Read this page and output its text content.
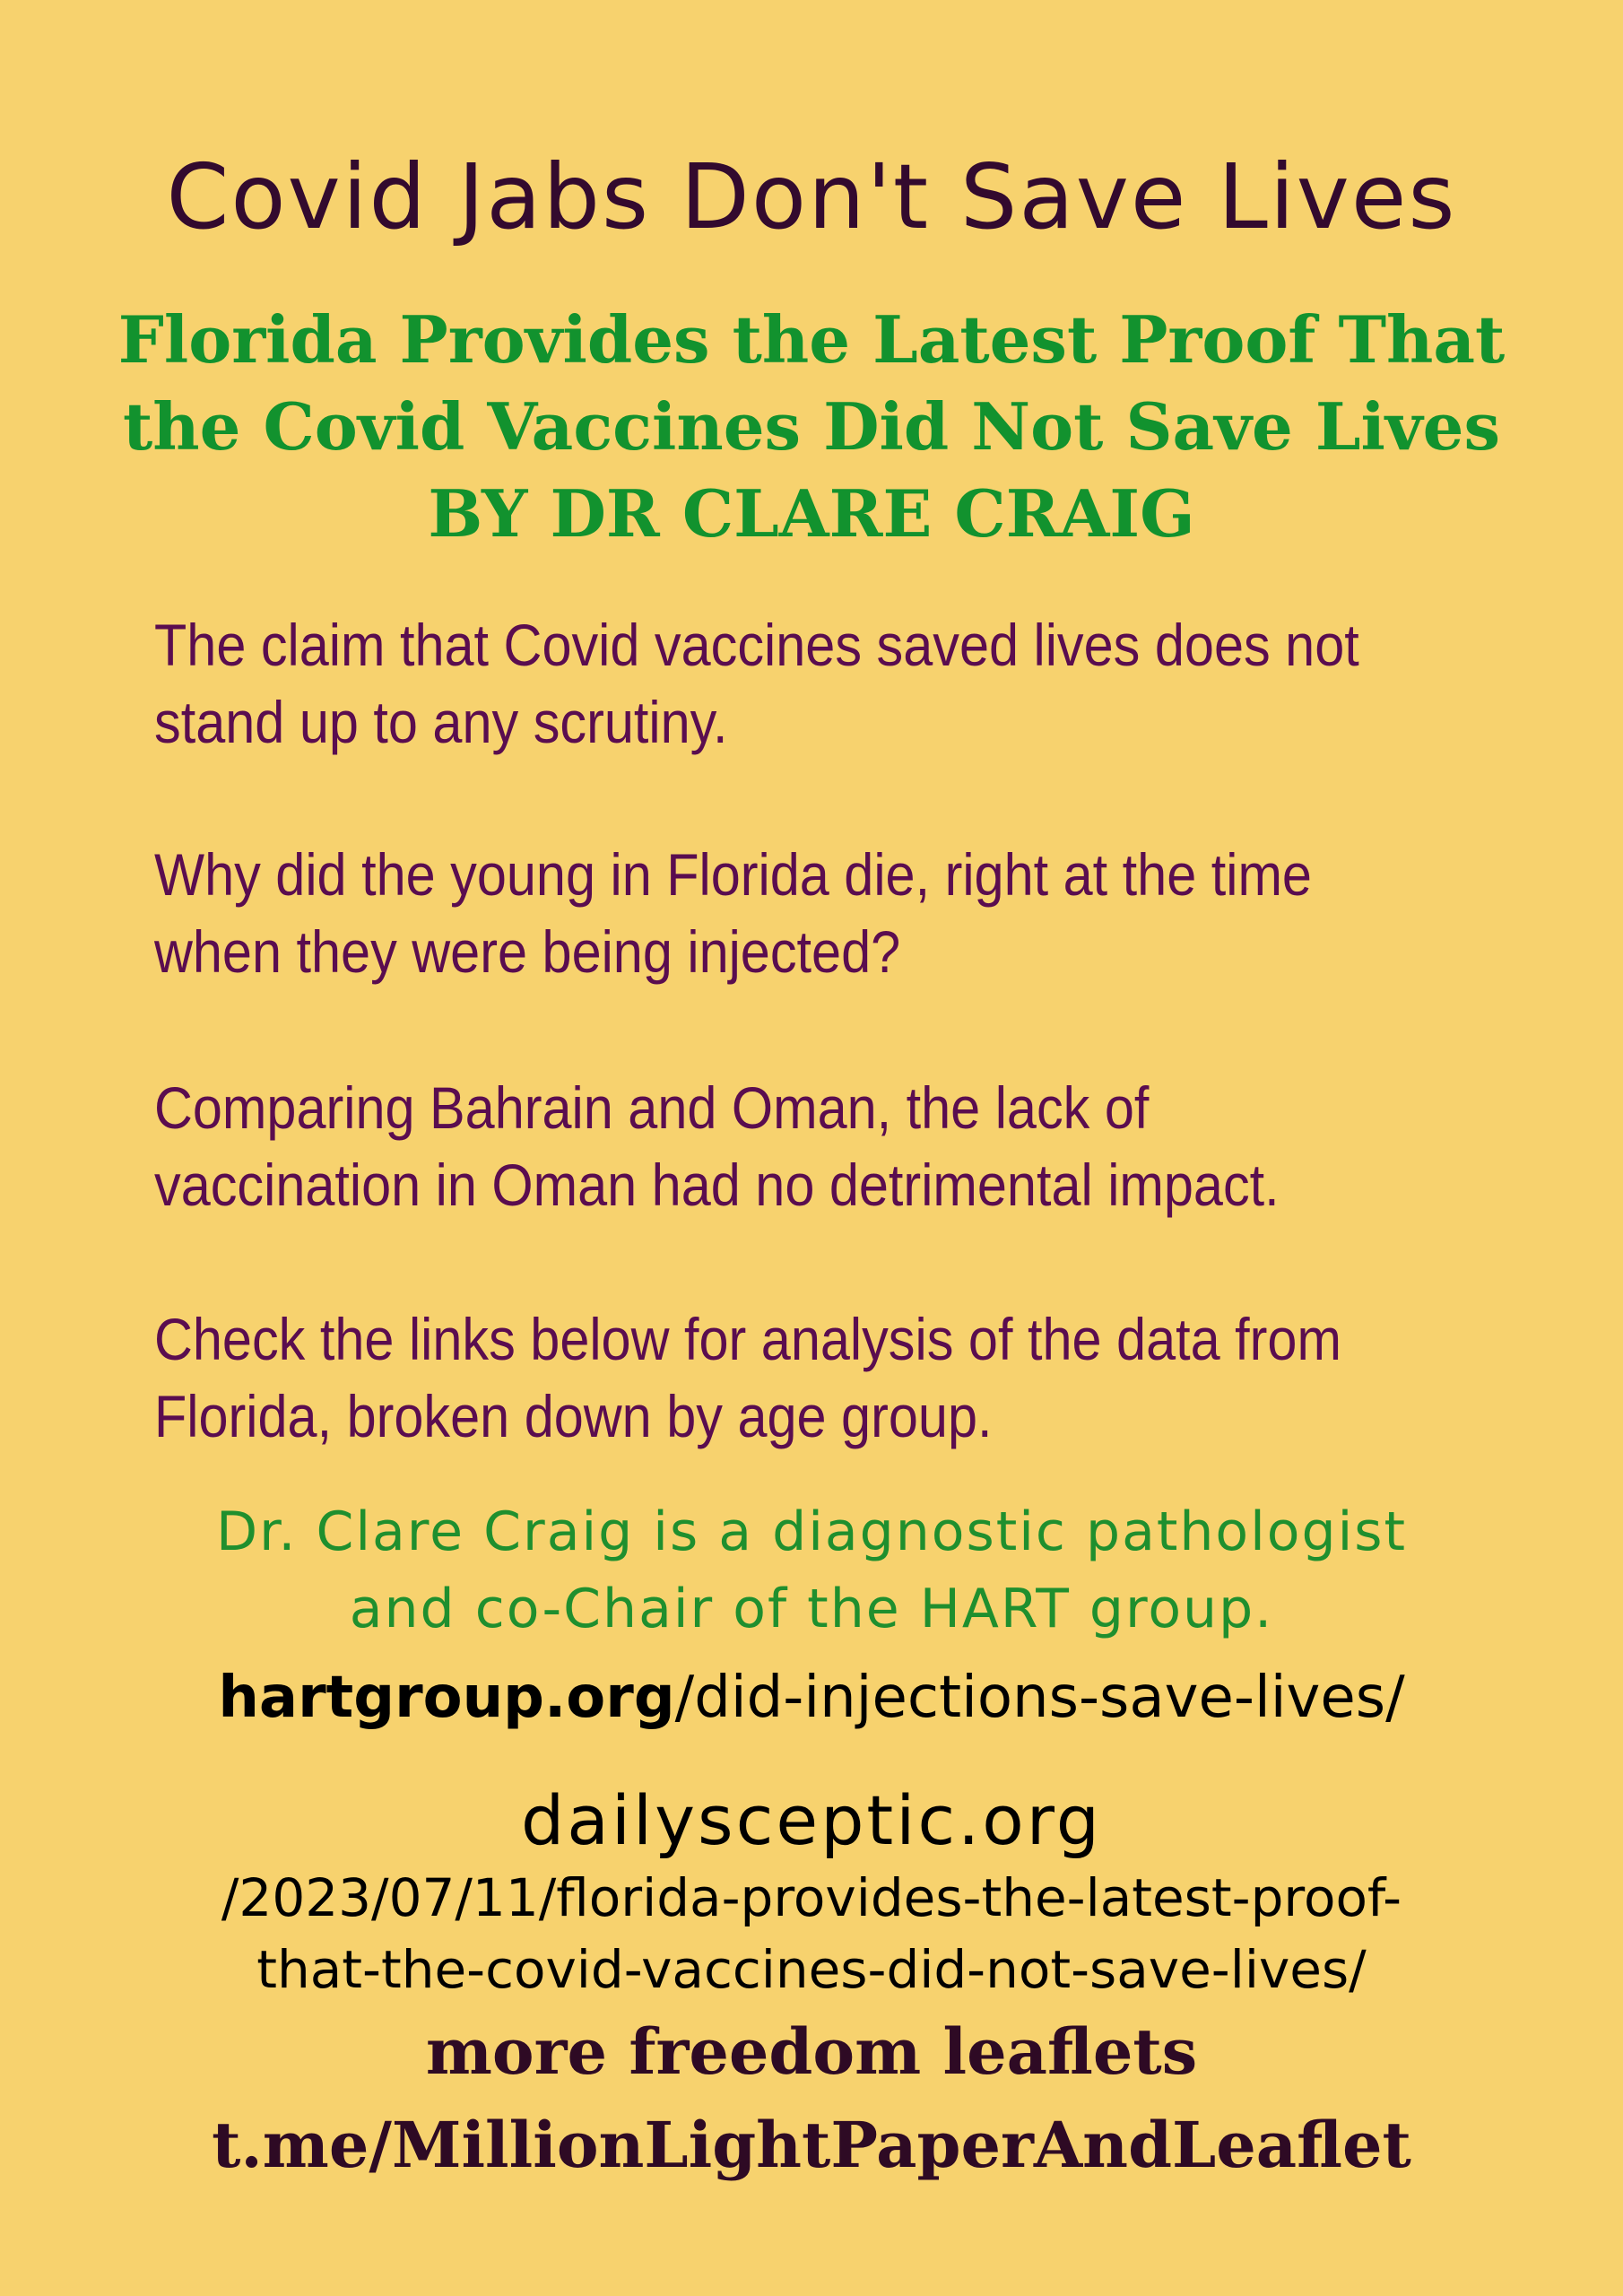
Covid Jabs Don't Save Lives
Florida Provides the Latest Proof That
the Covid Vaccines Did Not Save Lives
BY DR CLARE CRAIG
The claim that Covid vaccines saved lives does not
stand up to any scrutiny.
Why did the young in Florida die, right at the time
when they were being injected?
Comparing Bahrain and Oman, the lack of
vaccination in Oman had no detrimental impact.
Check the links below for analysis of the data from
Florida, broken down by age group.
Dr. Clare Craig is a diagnostic pathologist
and co-Chair of the HART group.
hartgroup.org/did-injections-save-lives/
dailysceptic.org
/2023/07/11/florida-provides-the-latest-proof-
that-the-covid-vaccines-did-not-save-lives/
more freedom leaflets
t.me/MillionLightPaperAndLeaflet
